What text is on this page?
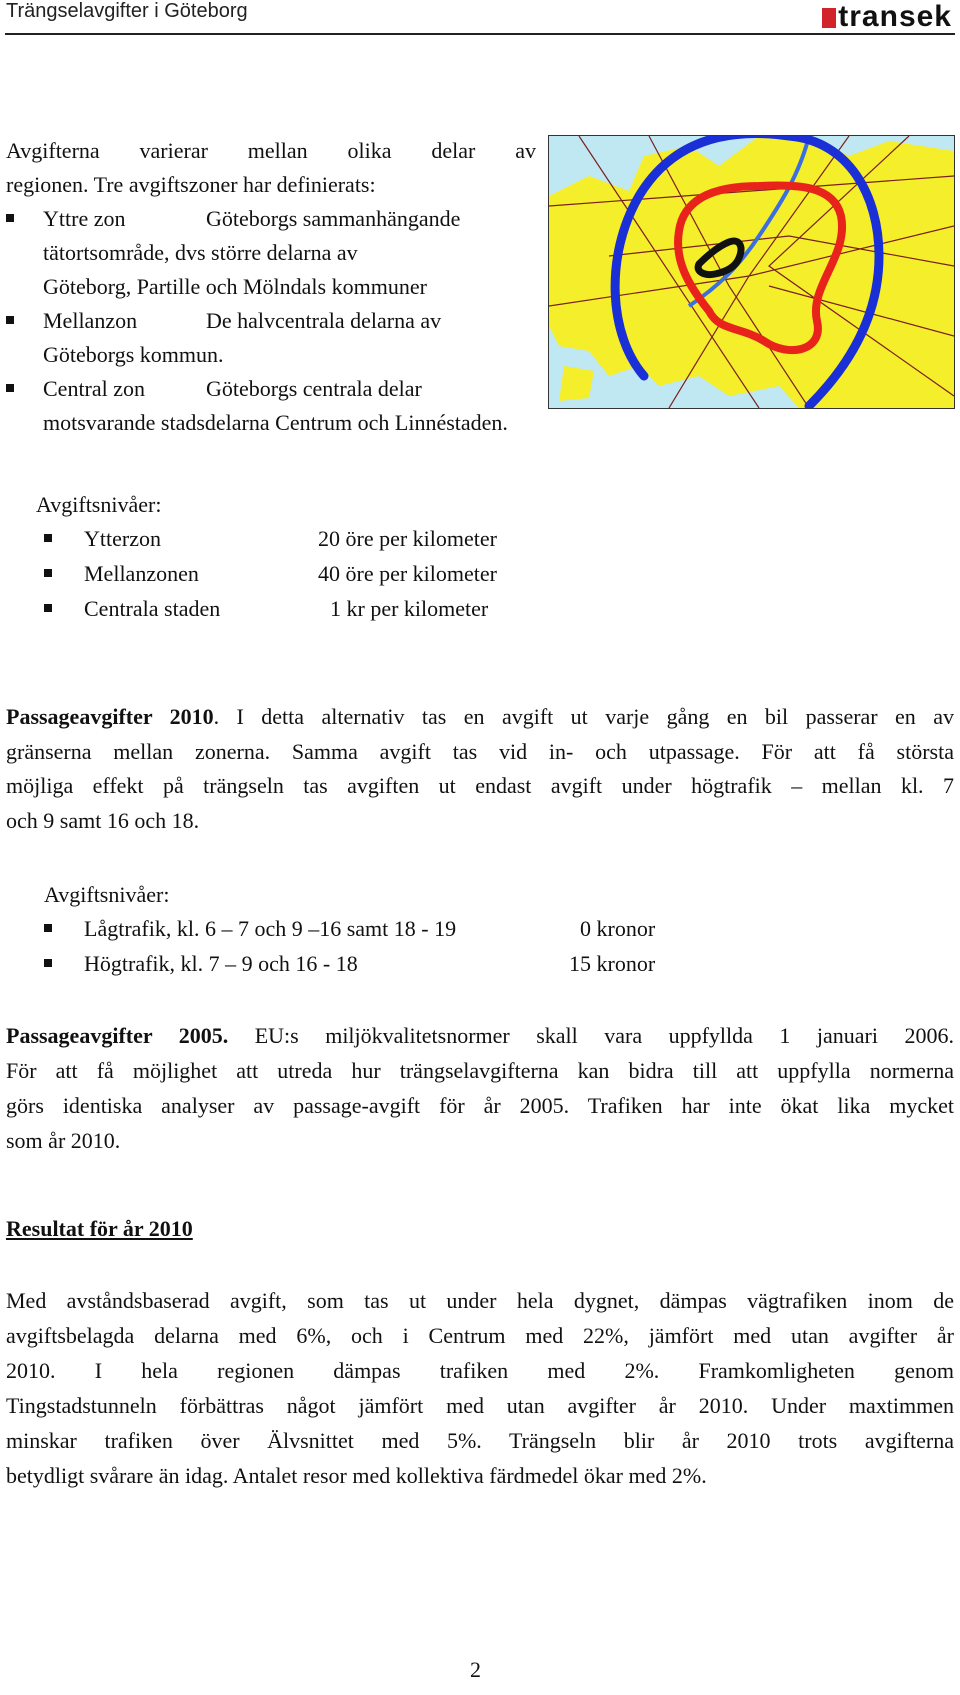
Trängselavgifter i Göteborg	transek
Avgifterna varierar mellan olika delar av
regionen. Tre avgiftszoner har definierats:
Yttre zon	Göteborgs sammanhängande
tätortsområde, dvs större delarna av
Göteborg, Partille och Mölndals kommuner
Mellanzon	De halvcentrala delarna av
Göteborgs kommun.
Central zon	Göteborgs centrala delar
motsvarande stadsdelarna Centrum och Linnéstaden.
Avgiftsnivåer:
Ytterzon	20 öre per kilometer
Mellanzonen	40 öre per kilometer
Centrala staden	1 kr per kilometer
Passageavgifter 2010. I detta alternativ tas en avgift ut varje gång en bil passerar en av
gränserna mellan zonerna. Samma avgift tas vid in- och utpassage. För att få största
möjliga effekt på trängseln tas avgiften ut endast avgift under högtrafik – mellan kl. 7
och 9 samt 16 och 18.
Avgiftsnivåer:
Lågtrafik, kl. 6 – 7 och 9 –16 samt 18 - 19	0 kronor
Högtrafik, kl. 7 – 9 och 16 - 18	15 kronor
Passageavgifter 2005. EU:s miljökvalitetsnormer skall vara uppfyllda 1 januari 2006.
För att få möjlighet att utreda hur trängselavgifterna kan bidra till att uppfylla normerna
görs identiska analyser av passage-avgift för år 2005. Trafiken har inte ökat lika mycket
som år 2010.
Resultat för år 2010
Med avståndsbaserad avgift, som tas ut under hela dygnet, dämpas vägtrafiken inom de
avgiftsbelagda delarna med 6%, och i Centrum med 22%, jämfört med utan avgifter år
2010. I hela regionen dämpas trafiken med 2%. Framkomligheten genom
Tingstadstunneln förbättras något jämfört med utan avgifter år 2010. Under maxtimmen
minskar trafiken över Älvsnittet med 5%. Trängseln blir år 2010 trots avgifterna
betydligt svårare än idag. Antalet resor med kollektiva färdmedel ökar med 2%.
2
